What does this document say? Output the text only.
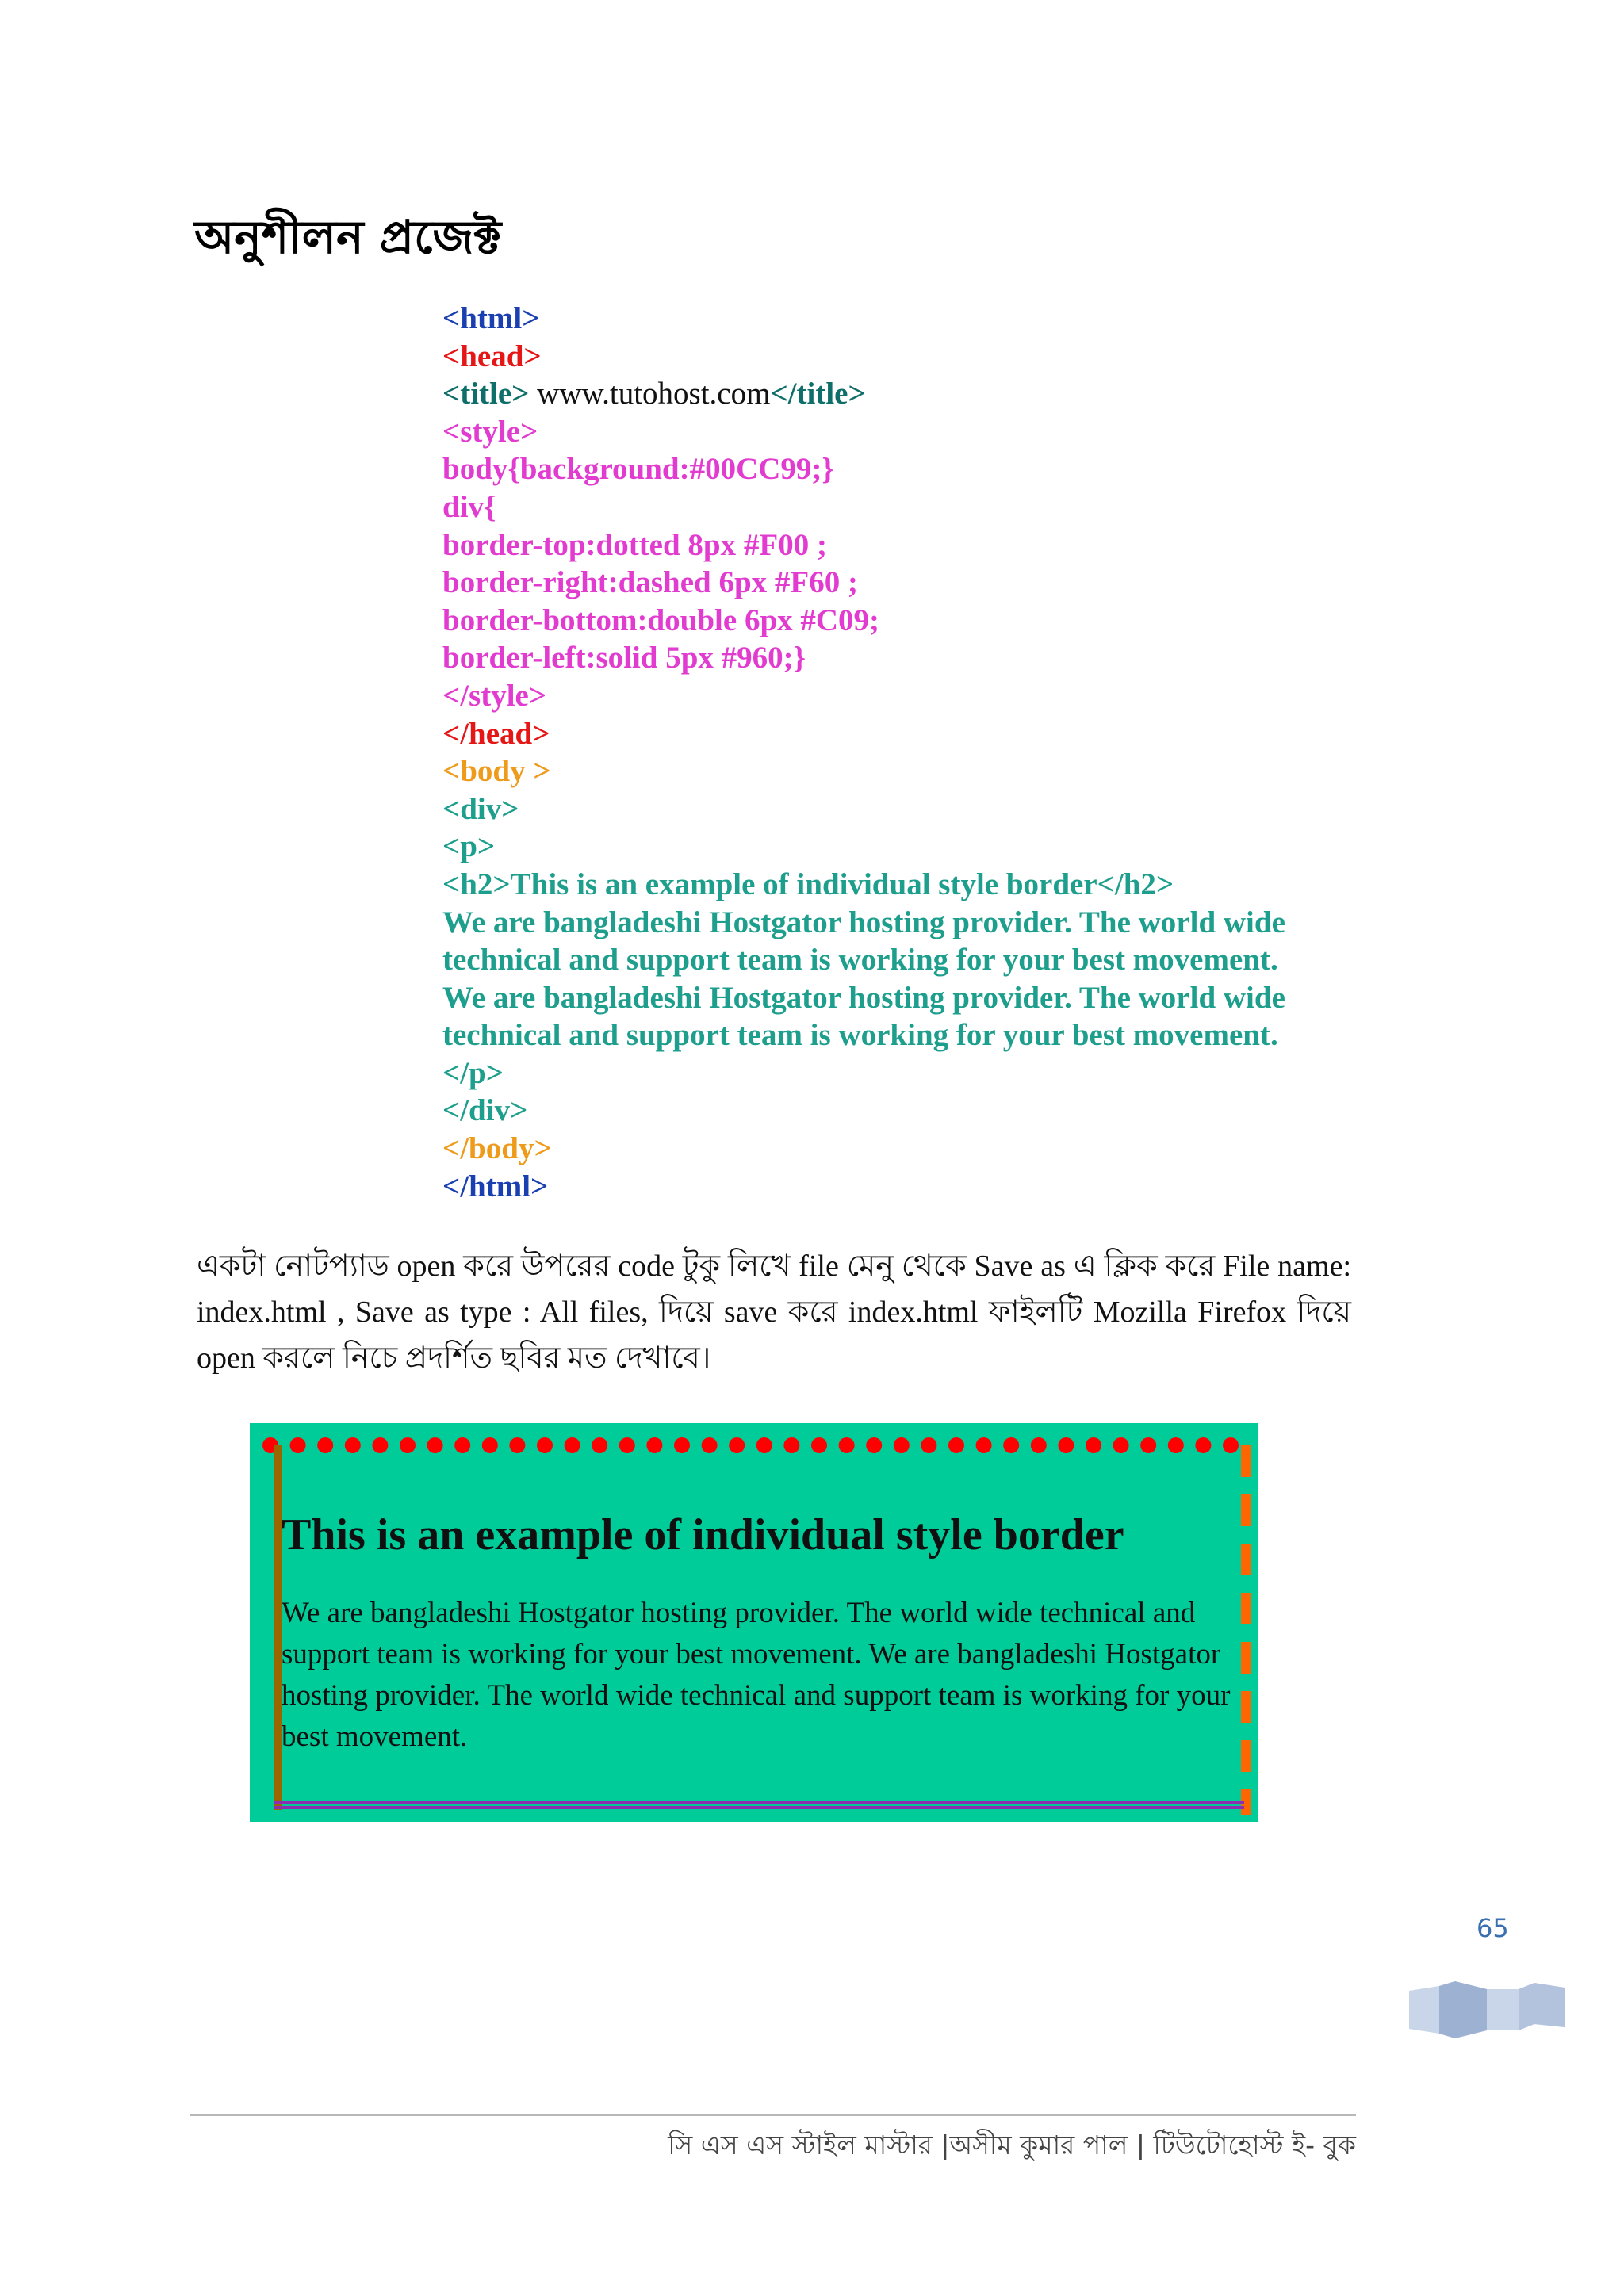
অনুশীলন প্রজেক্ট
<html>
<head>
<title> www.tutohost.com</title>
<style>
body{background:#00CC99;}
div{
border-top:dotted 8px #F00 ;
border-right:dashed 6px #F60 ;
border-bottom:double 6px #C09;
border-left:solid 5px #960;}
</style>
</head>
<body >
<div>
<p>
<h2>This is an example of individual style border</h2>
We are bangladeshi Hostgator hosting provider. The world wide
technical and support team is working for your best movement.
We are bangladeshi Hostgator hosting provider. The world wide
technical and support team is working for your best movement.
</p>
</div>
</body>
</html>
একটা নোটপ্যাড open করে উপরের code টুকু লিখে file মেনু থেকে Save as এ ক্লিক করে File name: index.html , Save as type : All files, দিয়ে save করে index.html ফাইলটি Mozilla Firefox দিয়ে open করলে নিচে প্রদর্শিত ছবির মত দেখাবে।
This is an example of individual style border
We are bangladeshi Hostgator hosting provider. The world wide technical and support team is working for your best movement. We are bangladeshi Hostgator hosting provider. The world wide technical and support team is working for your best movement.
65
সি এস এস স্টাইল মাস্টার |অসীম কুমার পাল | টিউটোহোস্ট ই- বুক
